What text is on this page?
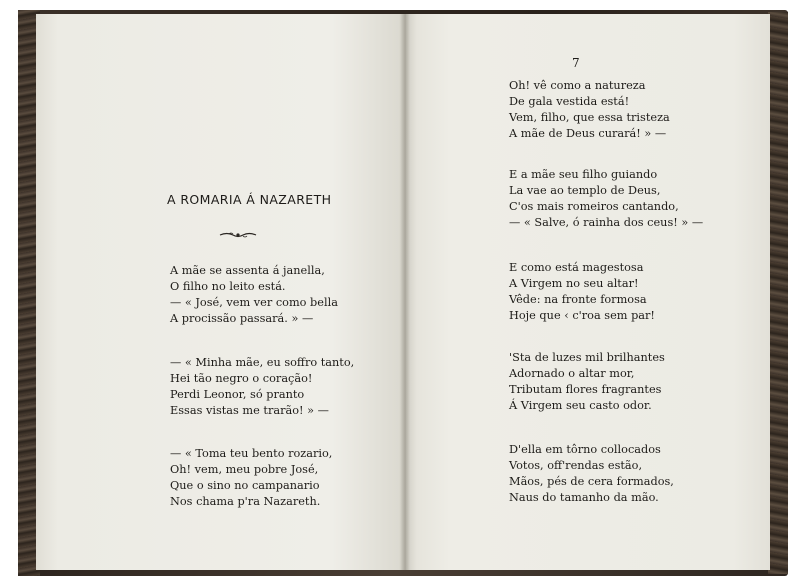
A ROMARIA Á NAZARETH
A mãe se assenta á janella,
O filho no leito está.
— « José, vem ver como bella
A procissão passará. » —
— « Minha mãe, eu soffro tanto,
Hei tão negro o coração!
Perdi Leonor, só pranto
Essas vistas me trarão! » —
— « Toma teu bento rozario,
Oh! vem, meu pobre José,
Que o sino no campanario
Nos chama p'ra Nazareth.
7
Oh! vê como a natureza
De gala vestida está!
Vem, filho, que essa tristeza
A mãe de Deus curará! » —
E a mãe seu filho guiando
La vae ao templo de Deus,
C'os mais romeiros cantando,
— « Salve, ó rainha dos ceus! » —
E como está magestosa
A Virgem no seu altar!
Vêde: na fronte formosa
Hoje que ‹ c'roa sem par!
'Sta de luzes mil brilhantes
Adornado o altar mor,
Tributam flores fragrantes
Á Virgem seu casto odor.
D'ella em tôrno collocados
Votos, off'rendas estão,
Mãos, pés de cera formados,
Naus do tamanho da mão.
